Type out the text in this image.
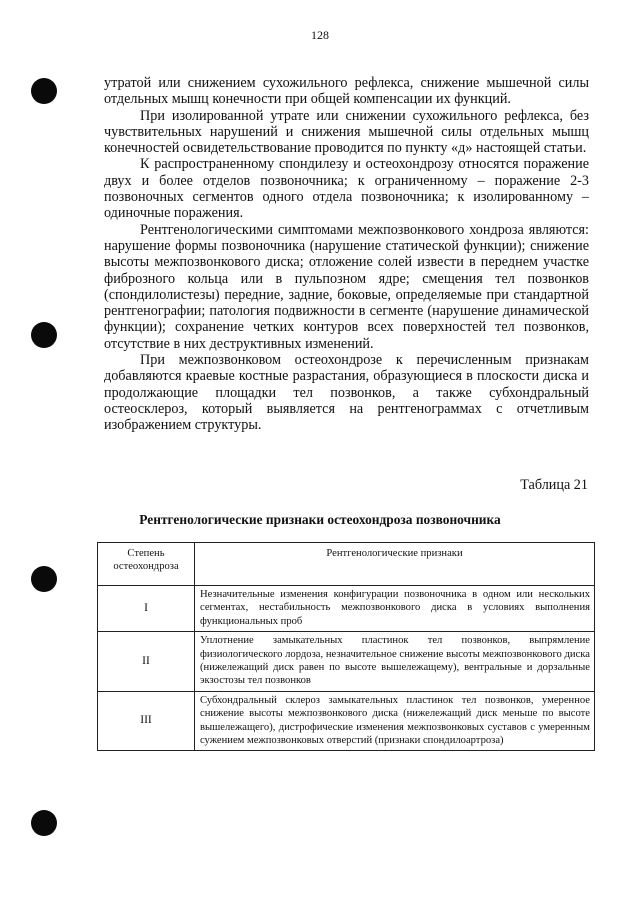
128

утратой или снижением сухожильного рефлекса, снижение мышечной силы отдельных мышц конечности при общей компенсации их функций.

При изолированной утрате или снижении сухожильного рефлекса, без чувствительных нарушений и снижения мышечной силы отдельных мышц конечностей освидетельствование проводится по пункту «д» настоящей статьи.

К распространенному спондилезу и остеохондрозу относятся поражение двух и более отделов позвоночника; к ограниченному – поражение 2-3 позвоночных сегментов одного отдела позвоночника; к изолированному – одиночные поражения.

Рентгенологическими симптомами межпозвонкового хондроза являются: нарушение формы позвоночника (нарушение статической функции); снижение высоты межпозвонкового диска; отложение солей извести в переднем участке фиброзного кольца или в пульпозном ядре; смещения тел позвонков (спондилолистезы) передние, задние, боковые, определяемые при стандартной рентгенографии; патология подвижности в сегменте (нарушение динамической функции); сохранение четких контуров всех поверхностей тел позвонков, отсутствие в них деструктивных изменений.

При межпозвонковом остеохондрозе к перечисленным признакам добавляются краевые костные разрастания, образующиеся в плоскости диска и продолжающие площадки тел позвонков, а также субхондральный остеосклероз, который выявляется на рентгенограммах с отчетливым изображением структуры.

Таблица 21
Рентгенологические признаки остеохондроза позвоночника
Степень остеохондроза	Рентгенологические признаки
I	Незначительные изменения конфигурации позвоночника в одном или нескольких сегментах, нестабильность межпозвонкового диска в условиях выполнения функциональных проб
II	Уплотнение замыкательных пластинок тел позвонков, выпрямление физиологического лордоза, незначительное снижение высоты межпозвонкового диска (нижележащий диск равен по высоте вышележащему), вентральные и дорзальные экзостозы тел позвонков
III	Субхондральный склероз замыкательных пластинок тел позвонков, умеренное снижение высоты межпозвонкового диска (нижележащий диск меньше по высоте вышележащего), дистрофические изменения межпозвонковых суставов с умеренным сужением межпозвонковых отверстий (признаки спондилоартроза)
